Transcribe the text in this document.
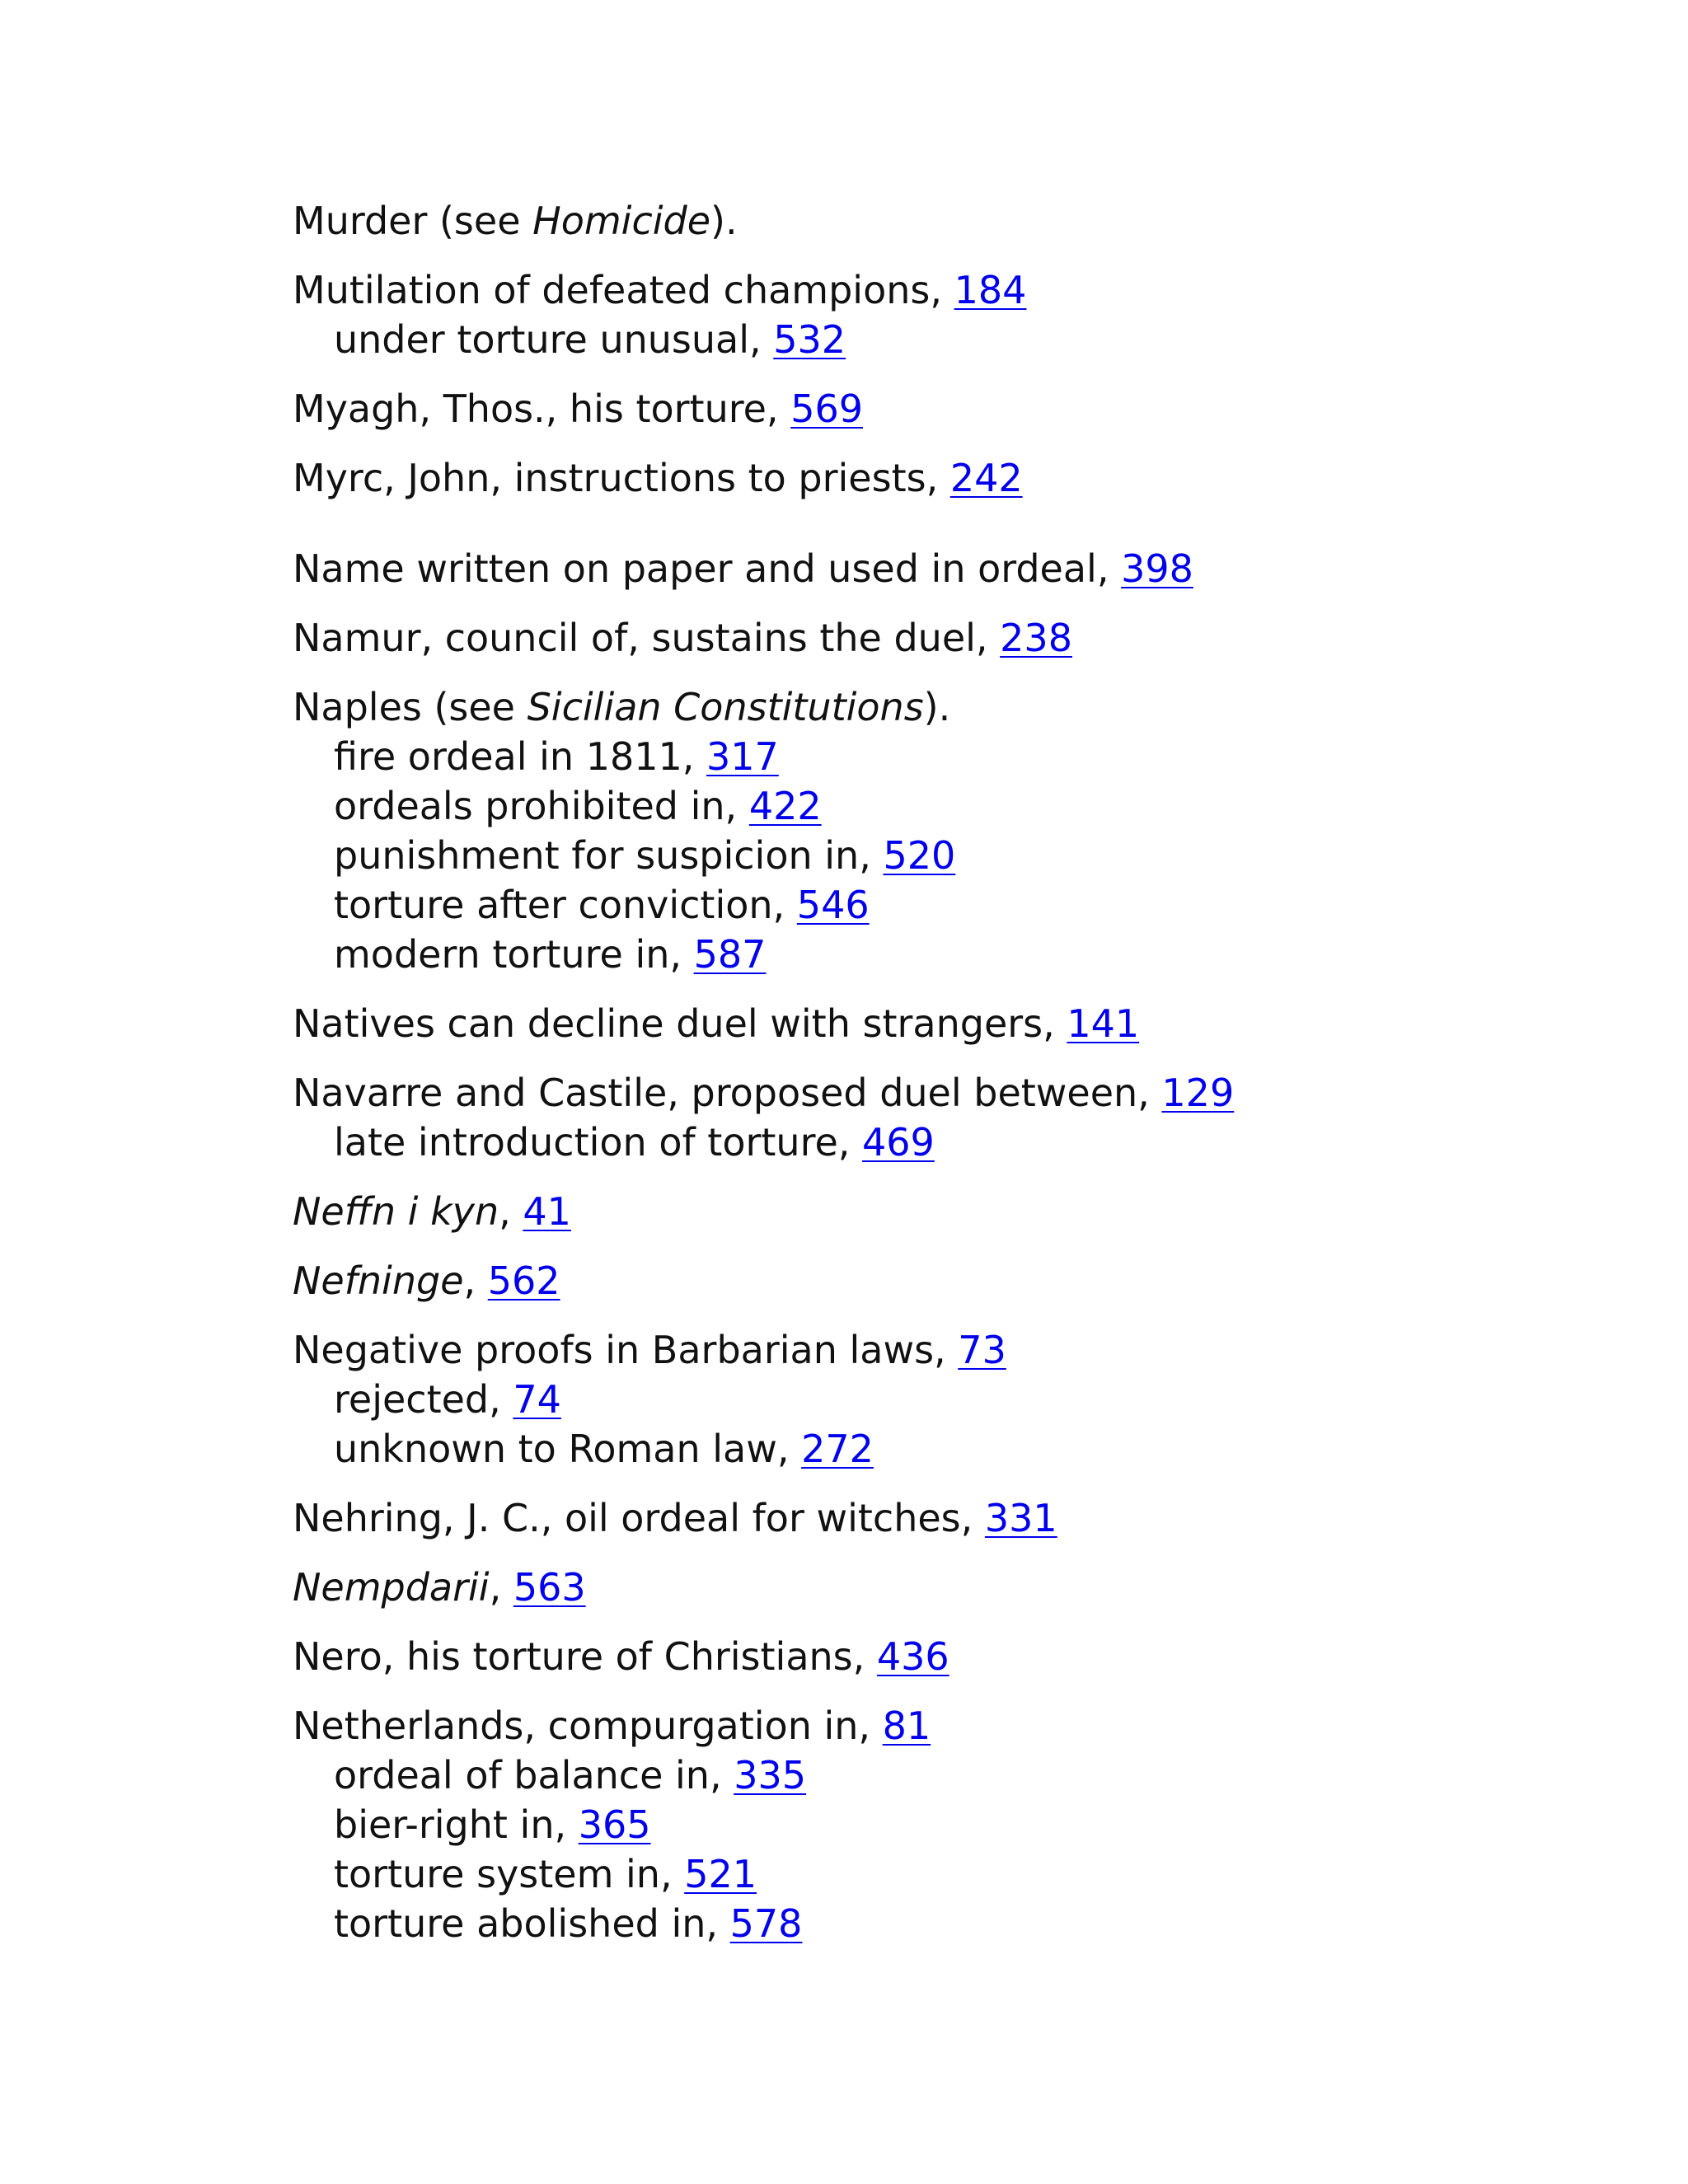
Murder (see Homicide).
Mutilation of defeated champions, 184
under torture unusual, 532
Myagh, Thos., his torture, 569
Myrc, John, instructions to priests, 242
Name written on paper and used in ordeal, 398
Namur, council of, sustains the duel, 238
Naples (see Sicilian Constitutions).
fire ordeal in 1811, 317
ordeals prohibited in, 422
punishment for suspicion in, 520
torture after conviction, 546
modern torture in, 587
Natives can decline duel with strangers, 141
Navarre and Castile, proposed duel between, 129
late introduction of torture, 469
Neffn i kyn, 41
Nefninge, 562
Negative proofs in Barbarian laws, 73
rejected, 74
unknown to Roman law, 272
Nehring, J. C., oil ordeal for witches, 331
Nempdarii, 563
Nero, his torture of Christians, 436
Netherlands, compurgation in, 81
ordeal of balance in, 335
bier-right in, 365
torture system in, 521
torture abolished in, 578
